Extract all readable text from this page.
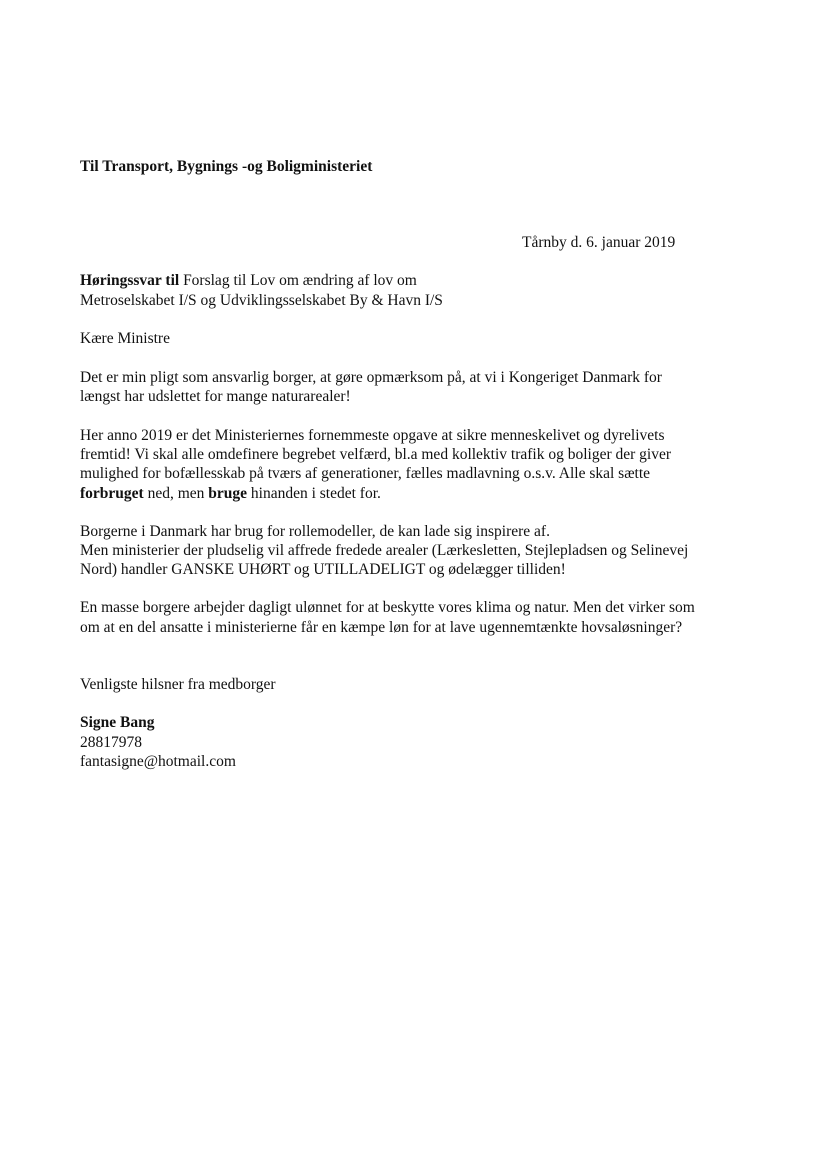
Til Transport, Bygnings -og Boligministeriet
Tårnby d. 6. januar 2019
Høringssvar til Forslag til Lov om ændring af lov om
Metroselskabet I/S og Udviklingsselskabet By & Havn I/S
Kære Ministre
Det er min pligt som ansvarlig borger, at gøre opmærksom på, at vi i Kongeriget Danmark for
længst har udslettet for mange naturarealer!
Her anno 2019 er det Ministeriernes fornemmeste opgave at sikre menneskelivet og dyrelivets
fremtid! Vi skal alle omdefinere begrebet velfærd, bl.a med kollektiv trafik og boliger der giver
mulighed for bofællesskab på tværs af generationer, fælles madlavning o.s.v. Alle skal sætte
forbruget ned, men bruge hinanden i stedet for.
Borgerne i Danmark har brug for rollemodeller, de kan lade sig inspirere af.
Men ministerier der pludselig vil affrede fredede arealer (Lærkesletten, Stejlepladsen og Selinevej
Nord) handler GANSKE UHØRT og UTILLADELIGT og ødelægger tilliden!
En masse borgere arbejder dagligt ulønnet for at beskytte vores klima og natur. Men det virker som
om at en del ansatte i ministerierne får en kæmpe løn for at lave ugennemtænkte hovsaløsninger?
Venligste hilsner fra medborger
Signe Bang
28817978
fantasigne@hotmail.com
